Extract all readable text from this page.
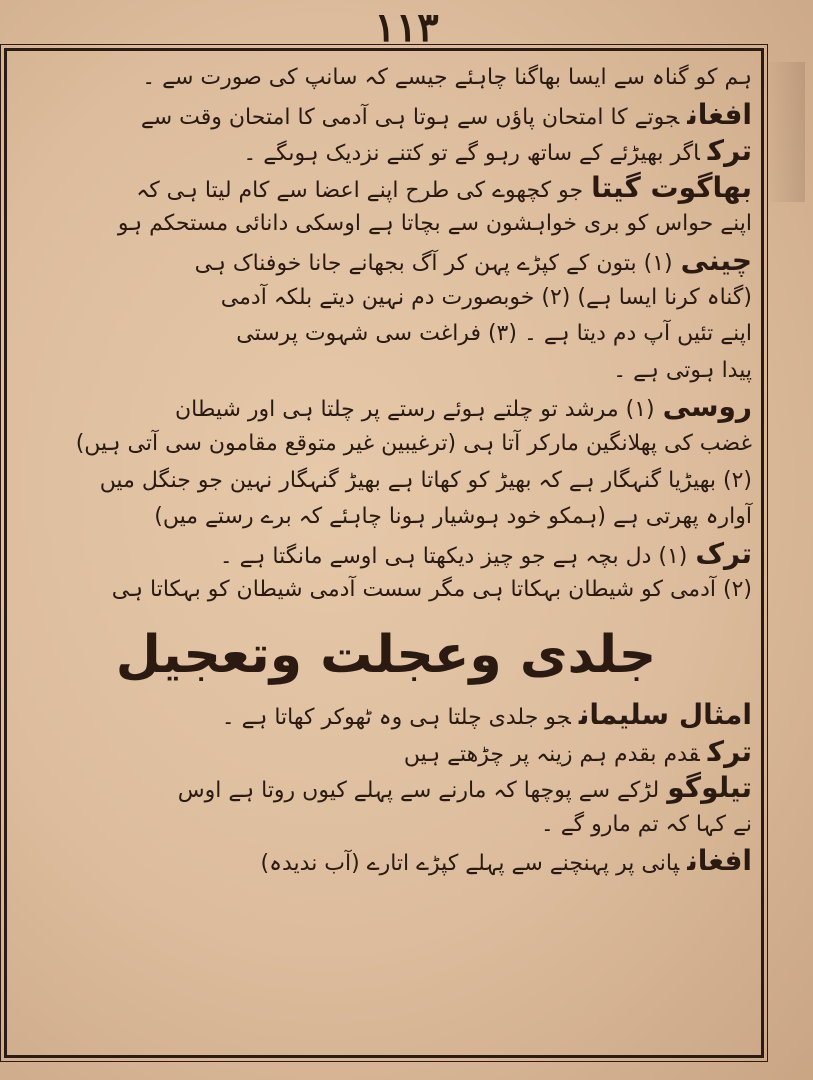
١١٣
ہم کو گناہ سے ایسا بھاگنا چاہئے جیسے کہ سانپ کی صورت سے ۔
افغانجوتے کا امتحان پاؤں سے ہوتا ہی آدمی کا امتحان وقت سے
ترکاگر بھیڑئے کے ساتھ رہو گے تو کتنے نزدیک ہوںگے ۔
بھاگوت گیتاجو کچھوے کی طرح اپنے اعضا سے کام لیتا ہی کہ
اپنے حواس کو بری خواہشون سے بچاتا ہے اوسکی دانائی مستحکم ہو
چینی(۱) بتون کے کپڑے پہن کر آگ بجھانے جانا خوفناک ہی
(گناہ کرنا ایسا ہے) (۲) خوبصورت دم نہین دیتے بلکہ آدمی
اپنے تئیں آپ دم دیتا ہے ۔ (۳) فراغت سی شہوت پرستی
پیدا ہوتی ہے ۔
روسی(۱) مرشد تو چلتے ہوئے رستے پر چلتا ہی اور شیطان
غضب کی پھلانگین مارکر آتا ہی (ترغیبین غیر متوقع مقامون سی آتی ہیں)
(۲) بھیڑیا گنہگار ہے کہ بھیڑ کو کھاتا ہے بھیڑ گنہگار نہین جو جنگل میں
آوارہ پھرتی ہے (ہمکو خود ہوشیار ہونا چاہئے کہ برے رستے میں)
ترک(۱) دل بچہ ہے جو چیز دیکھتا ہی اوسے مانگتا ہے ۔
(۲) آدمی کو شیطان بہکاتا ہی مگر سست آدمی شیطان کو بہکاتا ہی
جلدی وعجلت وتعجیل
امثال سلیمانجو جلدی چلتا ہی وہ ٹھوکر کھاتا ہے ۔
ترکقدم بقدم ہم زینہ پر چڑھتے ہیں
تیلوگولڑکے سے پوچھا کہ مارنے سے پہلے کیوں روتا ہے اوس
نے کہا کہ تم مارو گے ۔
افغانپانی پر پہنچنے سے پہلے کپڑے اتارے (آب ندیدہ)
